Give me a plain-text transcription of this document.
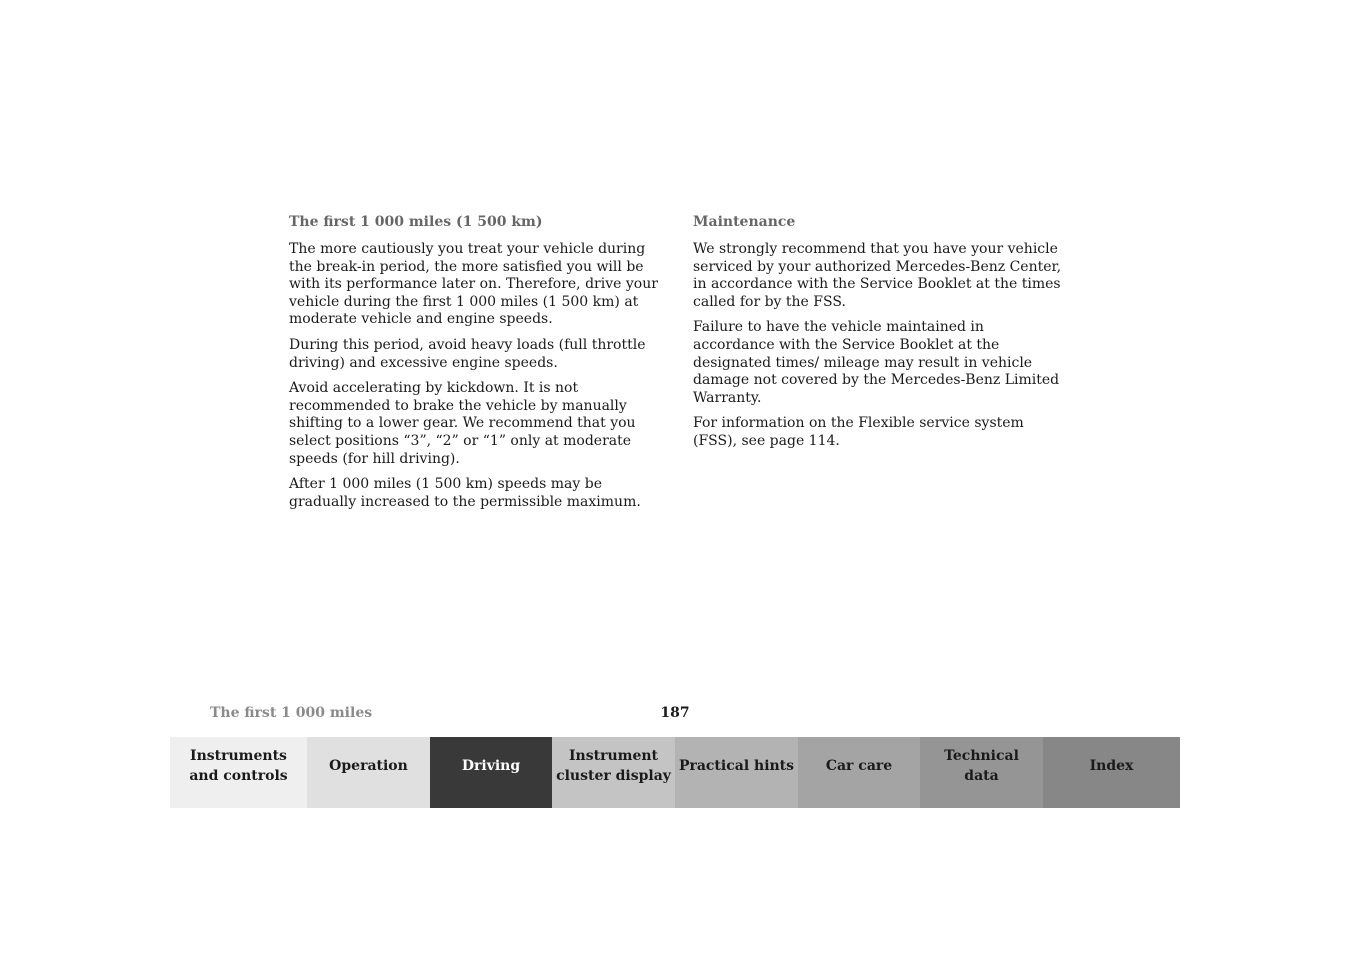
The first 1 000 miles (1 500 km)

The more cautiously you treat your vehicle during the break-in period, the more satisfied you will be with its performance later on. Therefore, drive your vehicle during the first 1 000 miles (1 500 km) at moderate vehicle and engine speeds.

During this period, avoid heavy loads (full throttle driving) and excessive engine speeds.

Avoid accelerating by kickdown. It is not recommended to brake the vehicle by manually shifting to a lower gear. We recommend that you select positions “3”, “2” or “1” only at moderate speeds (for hill driving).

After 1 000 miles (1 500 km) speeds may be gradually increased to the permissible maximum.

Maintenance

We strongly recommend that you have your vehicle serviced by your authorized Mercedes-Benz Center, in accordance with the Service Booklet at the times called for by the FSS.

Failure to have the vehicle maintained in accordance with the Service Booklet at the designated times/ mileage may result in vehicle damage not covered by the Mercedes-Benz Limited Warranty.

For information on the Flexible service system (FSS), see page 114.

The first 1 000 miles	187
Instruments
and controls
Operation	Driving
Instrument
cluster display
Practical hints	Car care
Technical
data
Index
